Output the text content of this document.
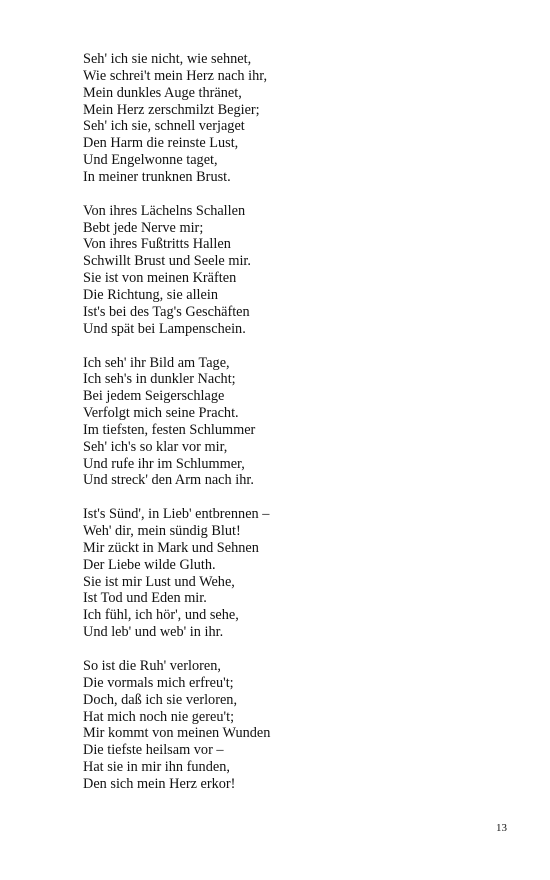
Seh' ich sie nicht, wie sehnet,
Wie schrei't mein Herz nach ihr,
Mein dunkles Auge thränet,
Mein Herz zerschmilzt Begier;
Seh' ich sie, schnell verjaget
Den Harm die reinste Lust,
Und Engelwonne taget,
In meiner trunknen Brust.
Von ihres Lächelns Schallen
Bebt jede Nerve mir;
Von ihres Fußtritts Hallen
Schwillt Brust und Seele mir.
Sie ist von meinen Kräften
Die Richtung, sie allein
Ist's bei des Tag's Geschäften
Und spät bei Lampenschein.
Ich seh' ihr Bild am Tage,
Ich seh's in dunkler Nacht;
Bei jedem Seigerschlage
Verfolgt mich seine Pracht.
Im tiefsten, festen Schlummer
Seh' ich's so klar vor mir,
Und rufe ihr im Schlummer,
Und streck' den Arm nach ihr.
Ist's Sünd', in Lieb' entbrennen –
Weh' dir, mein sündig Blut!
Mir zückt in Mark und Sehnen
Der Liebe wilde Gluth.
Sie ist mir Lust und Wehe,
Ist Tod und Eden mir.
Ich fühl, ich hör', und sehe,
Und leb' und web' in ihr.
So ist die Ruh' verloren,
Die vormals mich erfreu't;
Doch, daß ich sie verloren,
Hat mich noch nie gereu't;
Mir kommt von meinen Wunden
Die tiefste heilsam vor –
Hat sie in mir ihn funden,
Den sich mein Herz erkor!
13
